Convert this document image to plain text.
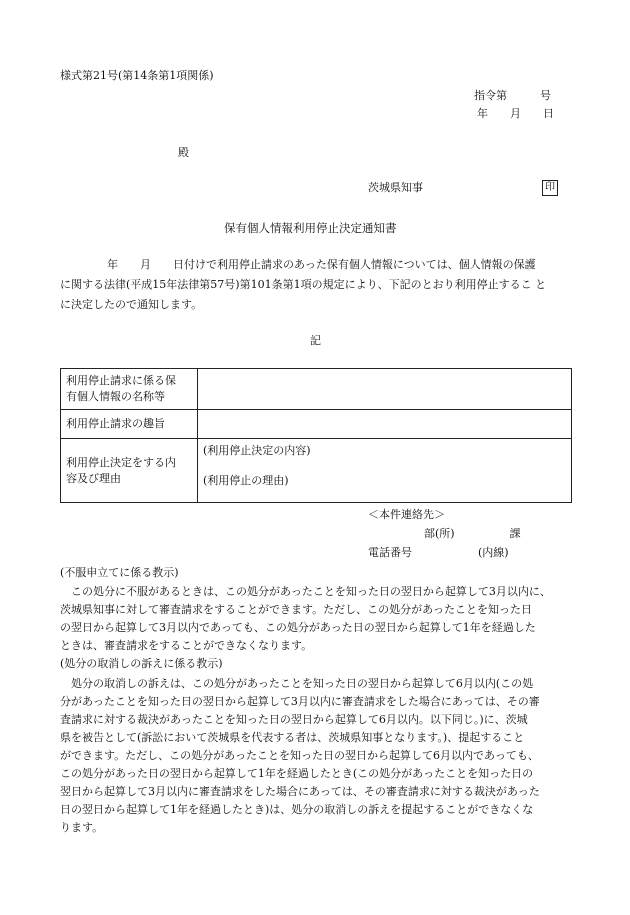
様式第21号(第14条第1項関係)
指令第　　　号
年　　月　　日
殿
茨城県知事	印
保有個人情報利用停止決定通知書
年　　月　　日付けで利用停止請求のあった保有個人情報については、個人情報の保護
に関する法律(平成15年法律第57号)第101条第1項の規定により、下記のとおり利用停止するこ と
に決定したので通知します。
記
利用停止請求に係る保
有個人情報の名称等	

利用停止請求の趣旨	

利用停止決定をする内
容及び理由	(利用停止決定の内容)
(利用停止の理由)
＜本件連絡先＞
部(所)　　　　　課
電話番号　　　　　　(内線)
(不服申立てに係る教示)

この処分に不服があるときは、この処分があったことを知った日の翌日から起算して3月以内に、

茨城県知事に対して審査請求をすることができます。ただし、この処分があったことを知った日

の翌日から起算して3月以内であっても、この処分があった日の翌日から起算して1年を経過した

ときは、審査請求をすることができなくなります。

(処分の取消しの訴えに係る教示)

処分の取消しの訴えは、この処分があったことを知った日の翌日から起算して6月以内(この処

分があったことを知った日の翌日から起算して3月以内に審査請求をした場合にあっては、その審

査請求に対する裁決があったことを知った日の翌日から起算して6月以内。以下同じ。)に、茨城

県を被告として(訴訟において茨城県を代表する者は、茨城県知事となります。)、提起すること

ができます。ただし、この処分があったことを知った日の翌日から起算して6月以内であっても、

この処分があった日の翌日から起算して1年を経過したとき(この処分があったことを知った日の

翌日から起算して3月以内に審査請求をした場合にあっては、その審査請求に対する裁決があった

日の翌日から起算して1年を経過したとき)は、処分の取消しの訴えを提起することができなくな

ります。
